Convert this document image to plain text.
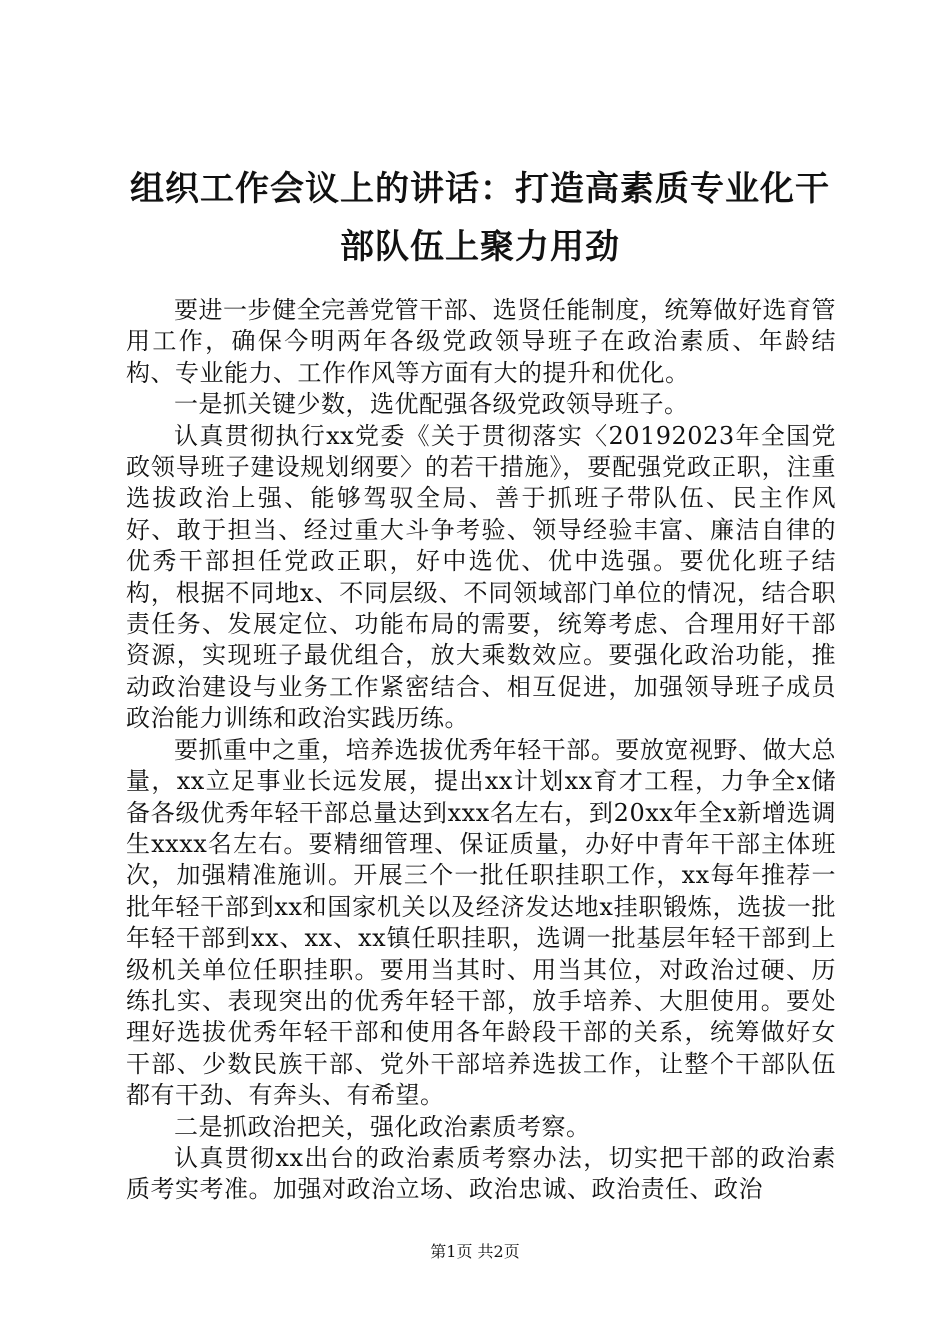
组织工作会议上的讲话：打造高素质专业化干
部队伍上聚力用劲

要进一步健全完善党管干部、选贤任能制度，统筹做好选育管用工作，确保今明两年各级党政领导班子在政治素质、年龄结构、专业能力、工作作风等方面有大的提升和优化。

一是抓关键少数，选优配强各级党政领导班子。

认真贯彻执行xx党委《关于贯彻落实〈20192023年全国党政领导班子建设规划纲要〉的若干措施》，要配强党政正职，注重选拔政治上强、能够驾驭全局、善于抓班子带队伍、民主作风好、敢于担当、经过重大斗争考验、领导经验丰富、廉洁自律的优秀干部担任党政正职，好中选优、优中选强。要优化班子结构，根据不同地x、不同层级、不同领域部门单位的情况，结合职责任务、发展定位、功能布局的需要，统筹考虑、合理用好干部资源，实现班子最优组合，放大乘数效应。要强化政治功能，推动政治建设与业务工作紧密结合、相互促进，加强领导班子成员政治能力训练和政治实践历练。

要抓重中之重，培养选拔优秀年轻干部。要放宽视野、做大总量，xx立足事业长远发展，提出xx计划xx育才工程，力争全x储备各级优秀年轻干部总量达到xxx名左右，到20xx年全x新增选调生xxxx名左右。要精细管理、保证质量，办好中青年干部主体班次，加强精准施训。开展三个一批任职挂职工作，xx每年推荐一批年轻干部到xx和国家机关以及经济发达地x挂职锻炼，选拔一批年轻干部到xx、xx、xx镇任职挂职，选调一批基层年轻干部到上级机关单位任职挂职。要用当其时、用当其位，对政治过硬、历练扎实、表现突出的优秀年轻干部，放手培养、大胆使用。要处理好选拔优秀年轻干部和使用各年龄段干部的关系，统筹做好女干部、少数民族干部、党外干部培养选拔工作，让整个干部队伍都有干劲、有奔头、有希望。

二是抓政治把关，强化政治素质考察。

认真贯彻xx出台的政治素质考察办法，切实把干部的政治素质考实考准。加强对政治立场、政治忠诚、政治责任、政治

第1页 共2页
